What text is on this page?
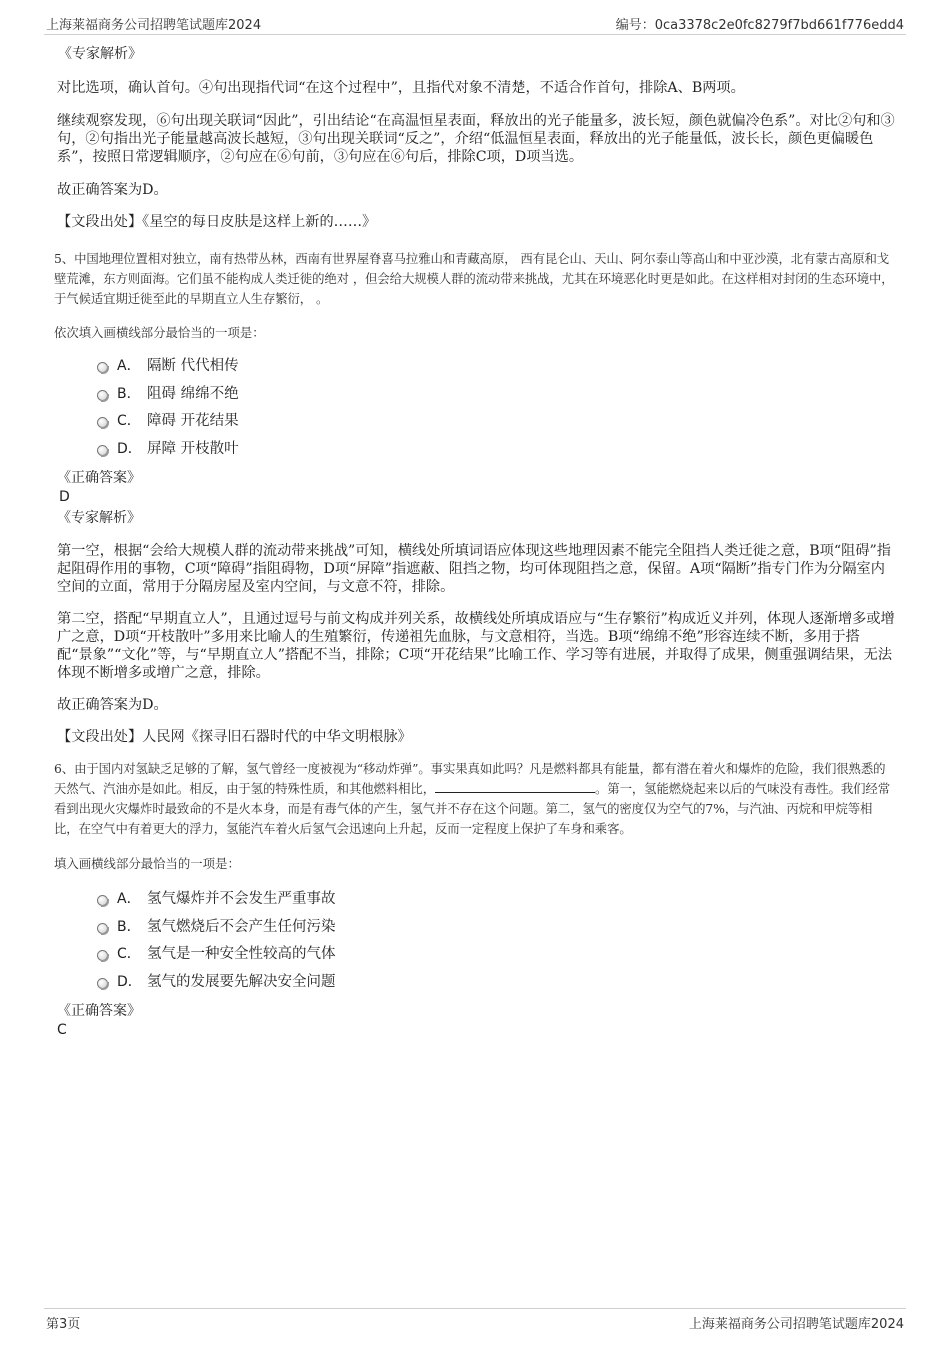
上海莱福商务公司招聘笔试题库2024	编号：0ca3378c2e0fc8279f7bd661f776edd4

《专家解析》

对比选项，确认首句。④句出现指代词“在这个过程中”，且指代对象不清楚，不适合作首句，排除A、B两项。

继续观察发现，⑥句出现关联词“因此”，引出结论“在高温恒星表面，释放出的光子能量多，波长短，颜色就偏冷色系”。对比②句和③句，②句指出光子能量越高波长越短，③句出现关联词“反之”，介绍“低温恒星表面，释放出的光子能量低，波长长，颜色更偏暖色系”，按照日常逻辑顺序，②句应在⑥句前，③句应在⑥句后，排除C项，D项当选。

故正确答案为D。

【文段出处】《星空的每日皮肤是这样上新的……》

5、中国地理位置相对独立，南有热带丛林，西南有世界屋脊喜马拉雅山和青藏高原， 西有昆仑山、天山、阿尔泰山等高山和中亚沙漠，北有蒙古高原和戈壁荒滩，东方则面海。它们虽不能构成人类迁徙的绝对 ，但会给大规模人群的流动带来挑战，尤其在环境恶化时更是如此。在这样相对封闭的生态环境中，于气候适宜期迁徙至此的早期直立人生存繁衍， 。

依次填入画横线部分最恰当的一项是：

A． 隔断 代代相传
B． 阻碍 绵绵不绝
C． 障碍 开花结果
D． 屏障 开枝散叶

《正确答案》

D

《专家解析》

第一空，根据“会给大规模人群的流动带来挑战”可知，横线处所填词语应体现这些地理因素不能完全阻挡人类迁徙之意，B项“阻碍”指起阻碍作用的事物，C项“障碍”指阻碍物，D项“屏障”指遮蔽、阻挡之物，均可体现阻挡之意，保留。A项“隔断”指专门作为分隔室内空间的立面，常用于分隔房屋及室内空间，与文意不符，排除。

第二空，搭配“早期直立人”，且通过逗号与前文构成并列关系，故横线处所填成语应与“生存繁衍”构成近义并列，体现人逐渐增多或增广之意，D项“开枝散叶”多用来比喻人的生殖繁衍，传递祖先血脉，与文意相符，当选。B项“绵绵不绝”形容连续不断，多用于搭配“景象”“文化”等，与“早期直立人”搭配不当，排除；C项“开花结果”比喻工作、学习等有进展，并取得了成果，侧重强调结果，无法体现不断增多或增广之意，排除。

故正确答案为D。

【文段出处】人民网《探寻旧石器时代的中华文明根脉》

6、由于国内对氢缺乏足够的了解，氢气曾经一度被视为“移动炸弹”。事实果真如此吗？凡是燃料都具有能量，都有潜在着火和爆炸的危险，我们很熟悉的天然气、汽油亦是如此。相反，由于氢的特殊性质，和其他燃料相比，	。第一，氢能燃烧起来以后的气味没有毒性。我们经常看到出现火灾爆炸时最致命的不是火本身，而是有毒气体的产生，氢气并不存在这个问题。第二，氢气的密度仅为空气的7%，与汽油、丙烷和甲烷等相比，在空气中有着更大的浮力，氢能汽车着火后氢气会迅速向上升起，反而一定程度上保护了车身和乘客。

填入画横线部分最恰当的一项是：

A． 氢气爆炸并不会发生严重事故
B． 氢气燃烧后不会产生任何污染
C． 氢气是一种安全性较高的气体
D． 氢气的发展要先解决安全问题

《正确答案》

C

第3页	上海莱福商务公司招聘笔试题库2024
